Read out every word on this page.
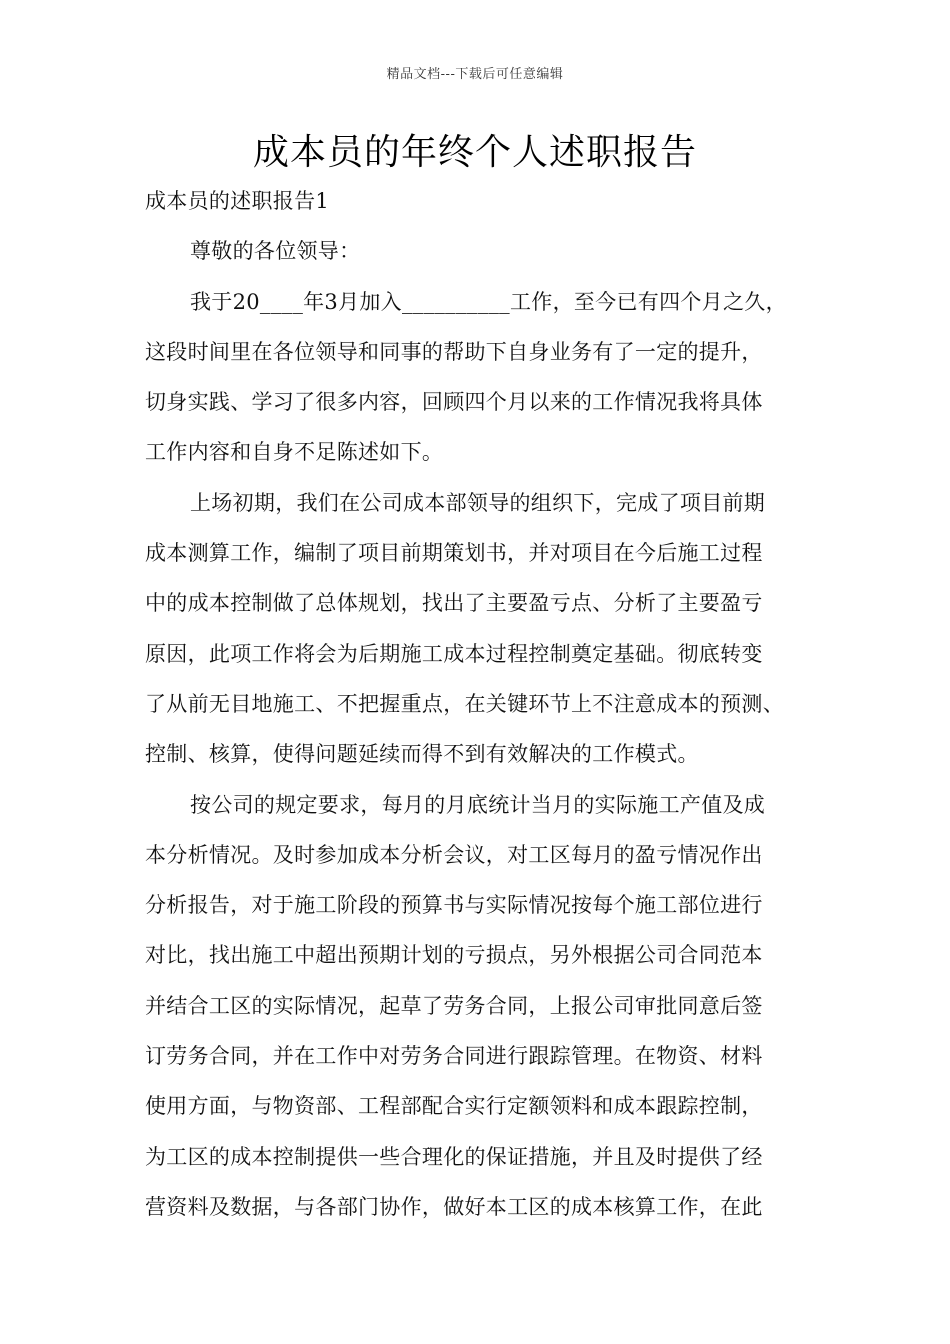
精品文档---下载后可任意编辑
成本员的年终个人述职报告
成本员的述职报告1
尊敬的各位领导：
我于20____年3月加入__________工作，至今已有四个月之久，
这段时间里在各位领导和同事的帮助下自身业务有了一定的提升，
切身实践、学习了很多内容，回顾四个月以来的工作情况我将具体
工作内容和自身不足陈述如下。
上场初期，我们在公司成本部领导的组织下，完成了项目前期
成本测算工作，编制了项目前期策划书，并对项目在今后施工过程
中的成本控制做了总体规划，找出了主要盈亏点、分析了主要盈亏
原因，此项工作将会为后期施工成本过程控制奠定基础。彻底转变
了从前无目地施工、不把握重点，在关键环节上不注意成本的预测、
控制、核算，使得问题延续而得不到有效解决的工作模式。
按公司的规定要求，每月的月底统计当月的实际施工产值及成
本分析情况。及时参加成本分析会议，对工区每月的盈亏情况作出
分析报告，对于施工阶段的预算书与实际情况按每个施工部位进行
对比，找出施工中超出预期计划的亏损点，另外根据公司合同范本
并结合工区的实际情况，起草了劳务合同，上报公司审批同意后签
订劳务合同，并在工作中对劳务合同进行跟踪管理。在物资、材料
使用方面，与物资部、工程部配合实行定额领料和成本跟踪控制，
为工区的成本控制提供一些合理化的保证措施，并且及时提供了经
营资料及数据，与各部门协作，做好本工区的成本核算工作，在此
